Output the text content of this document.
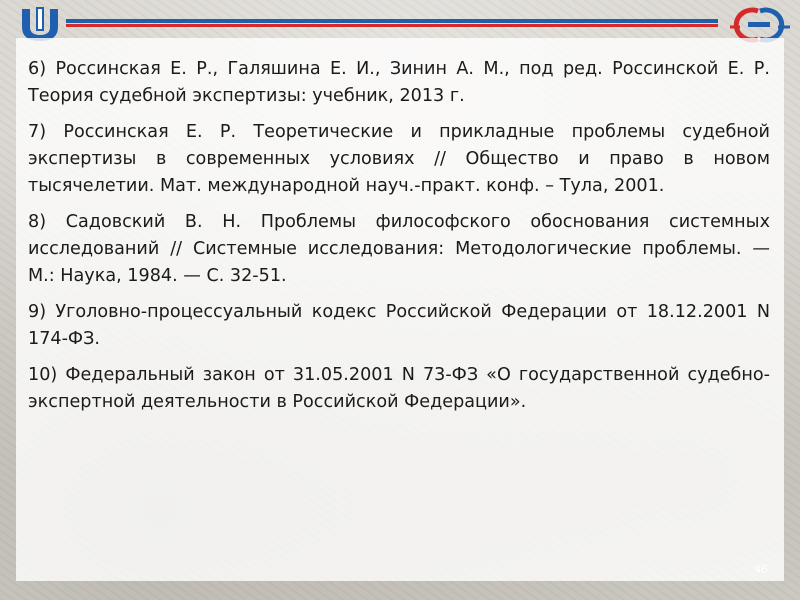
6) Россинская Е. Р., Галяшина Е. И., Зинин А. М., под ред. Россинской Е. Р. Теория судебной экспертизы: учебник, 2013 г.

7) Россинская Е. Р. Теоретические и прикладные проблемы судебной экспертизы в современных условиях // Общество и право в новом тысячелетии. Мат. международной науч.-практ. конф. – Тула, 2001.

8) Садовский В. Н. Проблемы философского обоснования системных исследований // Системные исследования: Методологические проблемы. — М.: Наука, 1984. — С. 32-51.

9) Уголовно-процессуальный кодекс Российской Федерации от 18.12.2001 N 174-ФЗ.

10) Федеральный закон от 31.05.2001 N 73-ФЗ «О государственной судебно-экспертной деятельности в Российской Федерации».

46
